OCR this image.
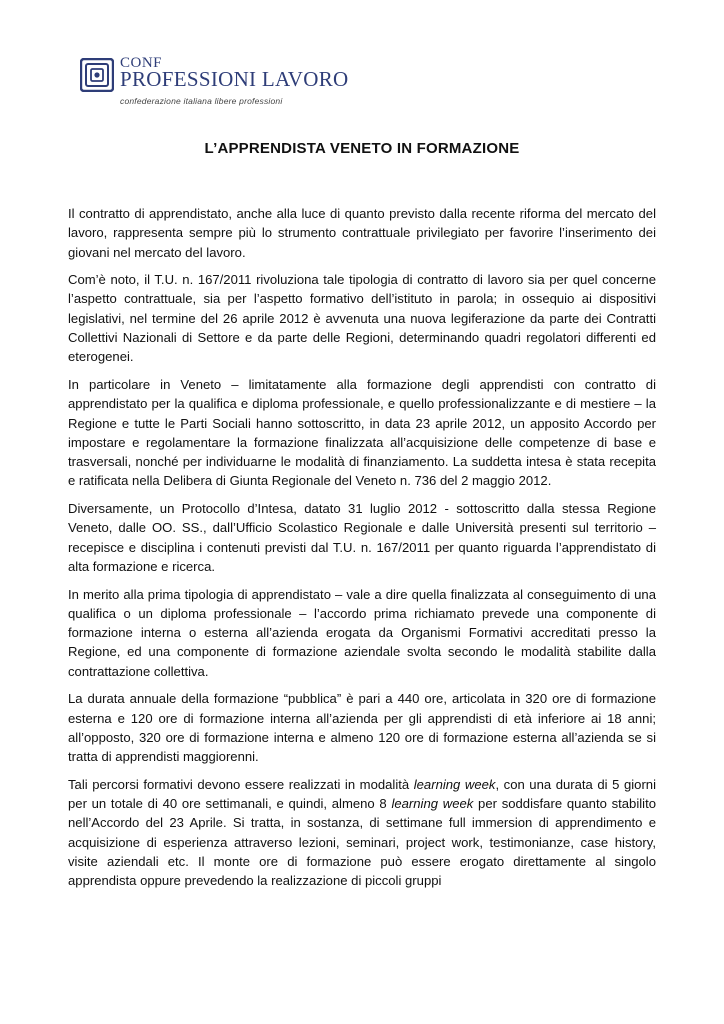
CONF
PROFESSIONI LAVORO
confederazione italiana libere professioni
L’APPRENDISTA VENETO IN FORMAZIONE

Il contratto di apprendistato, anche alla luce di quanto previsto dalla recente riforma del mercato del lavoro, rappresenta sempre più lo strumento contrattuale privilegiato per favorire l’inserimento dei giovani nel mercato del lavoro.

Com’è noto, il T.U. n. 167/2011 rivoluziona tale tipologia di contratto di lavoro sia per quel concerne l’aspetto contrattuale, sia per l’aspetto formativo dell’istituto in parola; in ossequio ai dispositivi legislativi, nel termine del 26 aprile 2012 è avvenuta una nuova legiferazione da parte dei Contratti Collettivi Nazionali di Settore e da parte delle Regioni, determinando quadri regolatori differenti ed eterogenei.

In particolare in Veneto – limitatamente alla formazione degli apprendisti con contratto di apprendistato per la qualifica e diploma professionale, e quello professionalizzante e di mestiere – la Regione e tutte le Parti Sociali hanno sottoscritto, in data 23 aprile 2012, un apposito Accordo per impostare e regolamentare la formazione finalizzata all’acquisizione delle competenze di base e trasversali, nonché per individuarne le modalità di finanziamento. La suddetta intesa è stata recepita e ratificata nella Delibera di Giunta Regionale del Veneto n. 736 del 2 maggio 2012.

Diversamente, un Protocollo d’Intesa, datato 31 luglio 2012 - sottoscritto dalla stessa Regione Veneto, dalle OO. SS., dall’Ufficio Scolastico Regionale e dalle Università presenti sul territorio – recepisce e disciplina i contenuti previsti dal T.U. n. 167/2011 per quanto riguarda l’apprendistato di alta formazione e ricerca.

In merito alla prima tipologia di apprendistato – vale a dire quella finalizzata al conseguimento di una qualifica o un diploma professionale – l’accordo prima richiamato prevede una componente di formazione interna o esterna all’azienda erogata da Organismi Formativi accreditati presso la Regione, ed una componente di formazione aziendale svolta secondo le modalità stabilite dalla contrattazione collettiva.

La durata annuale della formazione “pubblica” è pari a 440 ore, articolata in 320 ore di formazione esterna e 120 ore di formazione interna all’azienda per gli apprendisti di età inferiore ai 18 anni; all’opposto, 320 ore di formazione interna e almeno 120 ore di formazione esterna all’azienda se si tratta di apprendisti maggiorenni.

Tali percorsi formativi devono essere realizzati in modalità learning week, con una durata di 5 giorni per un totale di 40 ore settimanali, e quindi, almeno 8 learning week per soddisfare quanto stabilito nell’Accordo del 23 Aprile. Si tratta, in sostanza, di settimane full immersion di apprendimento e acquisizione di esperienza attraverso lezioni, seminari, project work, testimonianze, case history, visite aziendali etc. Il monte ore di formazione può essere erogato direttamente al singolo apprendista oppure prevedendo la realizzazione di piccoli gruppi
